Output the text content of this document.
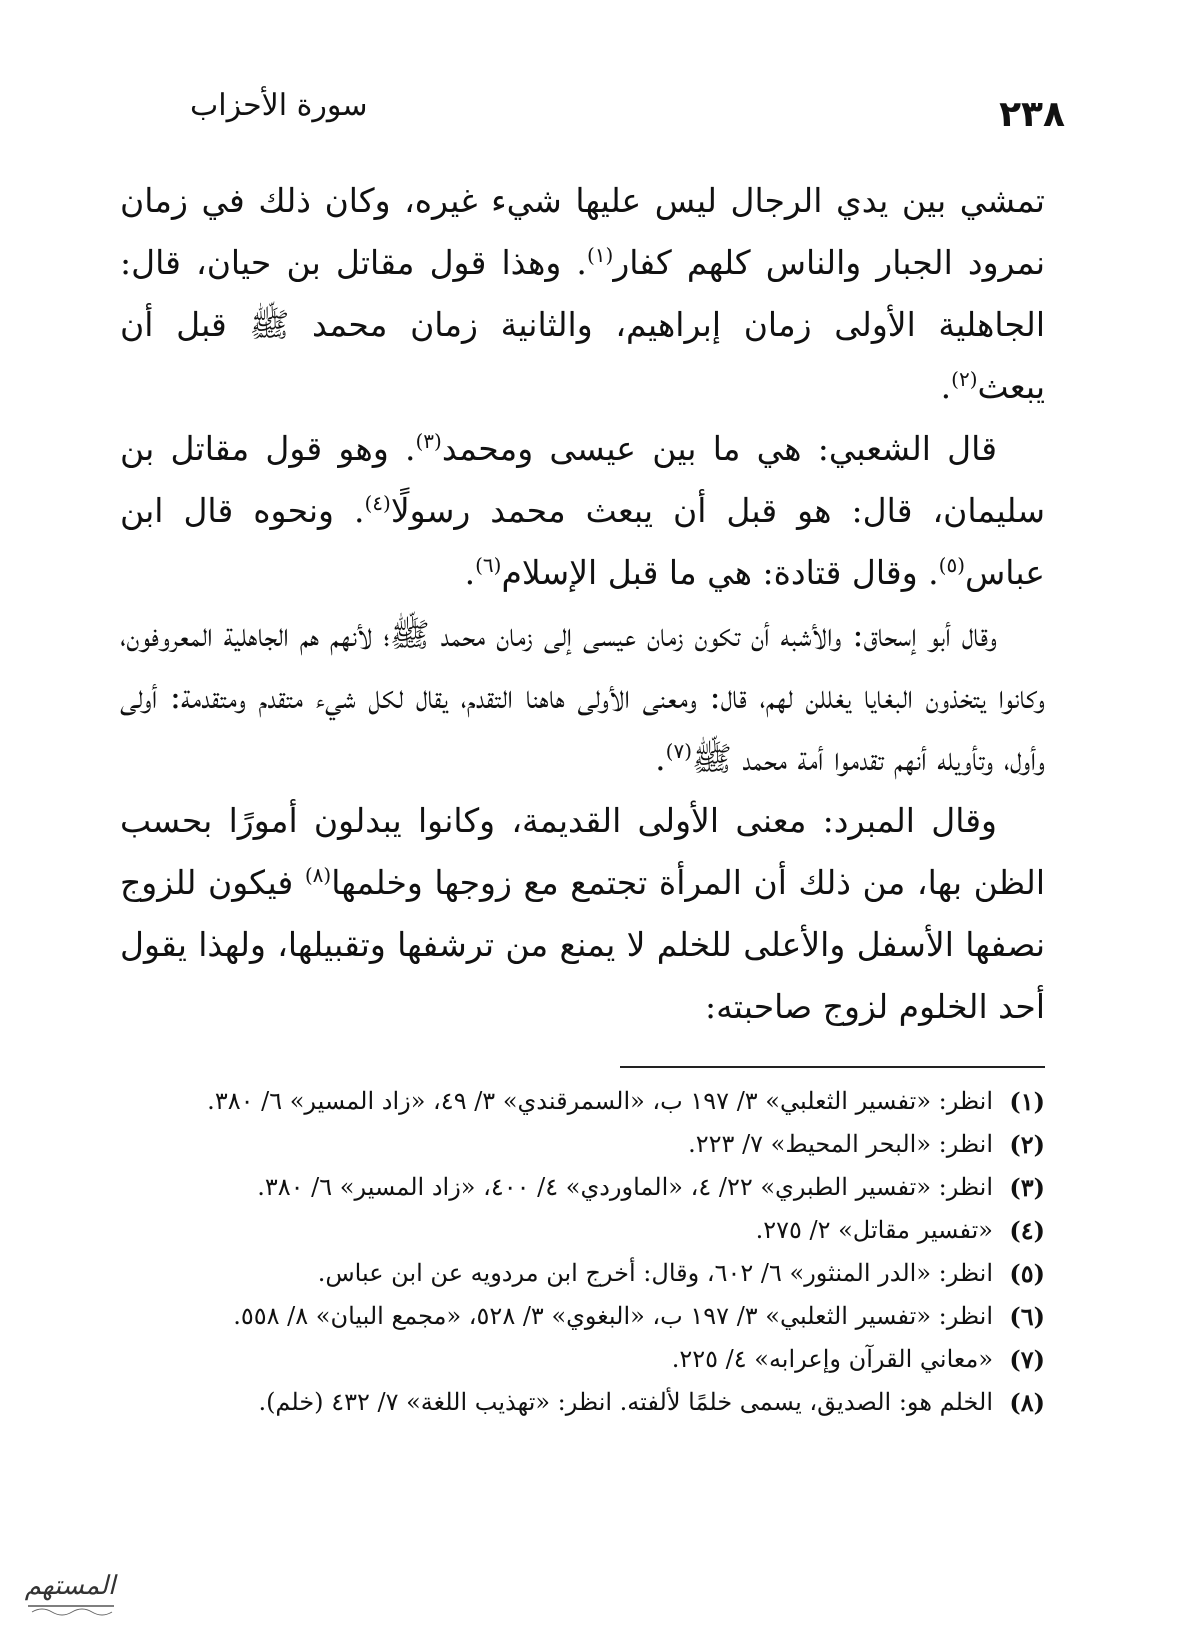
٢٣٨
سورة الأحزاب

تمشي بين يدي الرجال ليس عليها شيء غيره، وكان ذلك في زمان نمرود الجبار والناس كلهم كفار$^{(١)}$. وهذا قول مقاتل بن حيان، قال: الجاهلية الأولى زمان إبراهيم، والثانية زمان محمد ﷺ قبل أن يبعث$^{(٢)}$.

قال الشعبي: هي ما بين عيسى ومحمد$^{(٣)}$. وهو قول مقاتل بن سليمان، قال: هو قبل أن يبعث محمد رسولًا$^{(٤)}$. ونحوه قال ابن عباس$^{(٥)}$. وقال قتادة: هي ما قبل الإسلام$^{(٦)}$.

وقال أبو إسحاق: والأشبه أن تكون زمان عيسى إلى زمان محمد ﷺ؛ لأنهم هم الجاهلية المعروفون، وكانوا يتخذون البغايا يغللن لهم، قال: ومعنى الأولى هاهنا التقدم، يقال لكل شيء متقدم ومتقدمة: أولى وأول، وتأويله أنهم تقدموا أمة محمد ﷺ$^{(٧)}$.

وقال المبرد: معنى الأولى القديمة، وكانوا يبدلون أمورًا بحسب الظن بها، من ذلك أن المرأة تجتمع مع زوجها وخلمها$^{(٨)}$ فيكون للزوج نصفها الأسفل والأعلى للخلم لا يمنع من ترشفها وتقبيلها، ولهذا يقول أحد الخلوم لزوج صاحبته:

(١)
انظر: «تفسير الثعلبي» ٣/ ١٩٧ ب، «السمرقندي» ٣/ ٤٩، «زاد المسير» ٦/ ٣٨٠.
(٢)
انظر: «البحر المحيط» ٧/ ٢٢٣.
(٣)
انظر: «تفسير الطبري» ٢٢/ ٤، «الماوردي» ٤/ ٤٠٠، «زاد المسير» ٦/ ٣٨٠.
(٤)
«تفسير مقاتل» ٢/ ٢٧٥.
(٥)
انظر: «الدر المنثور» ٦/ ٦٠٢، وقال: أخرج ابن مردويه عن ابن عباس.
(٦)
انظر: «تفسير الثعلبي» ٣/ ١٩٧ ب، «البغوي» ٣/ ٥٢٨، «مجمع البيان» ٨/ ٥٥٨.
(٧)
«معاني القرآن وإعرابه» ٤/ ٢٢٥.
(٨)
الخلم هو: الصديق، يسمى خلمًا لألفته. انظر: «تهذيب اللغة» ٧/ ٤٣٢ (خلم).
المستهم
